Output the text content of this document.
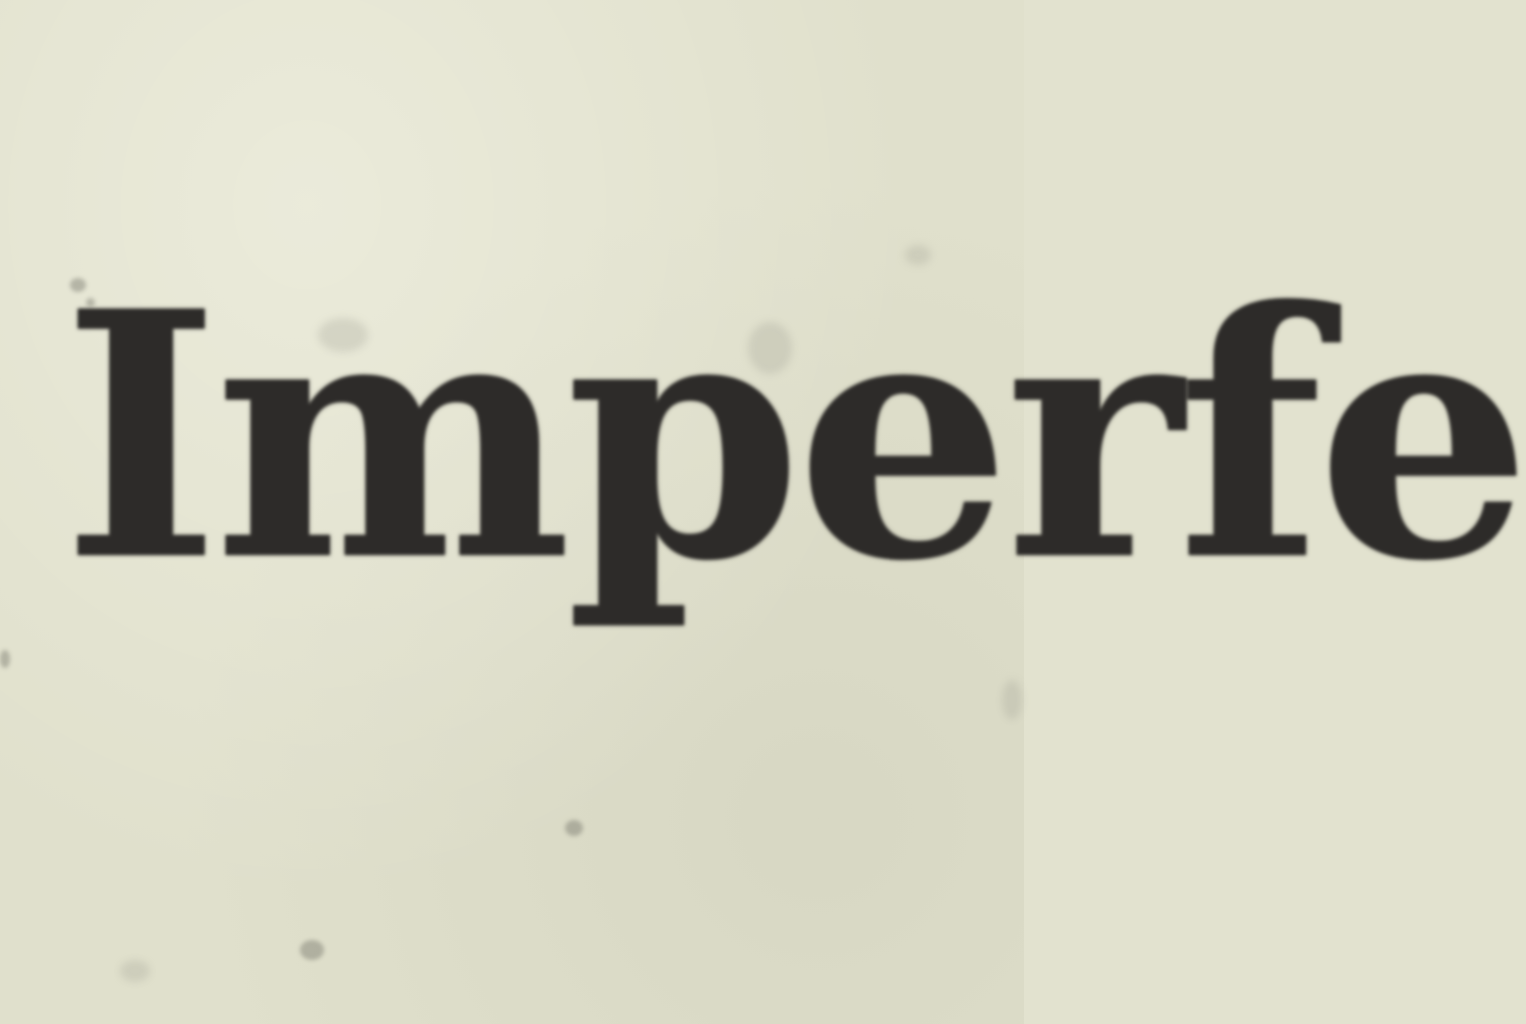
Imperfe
